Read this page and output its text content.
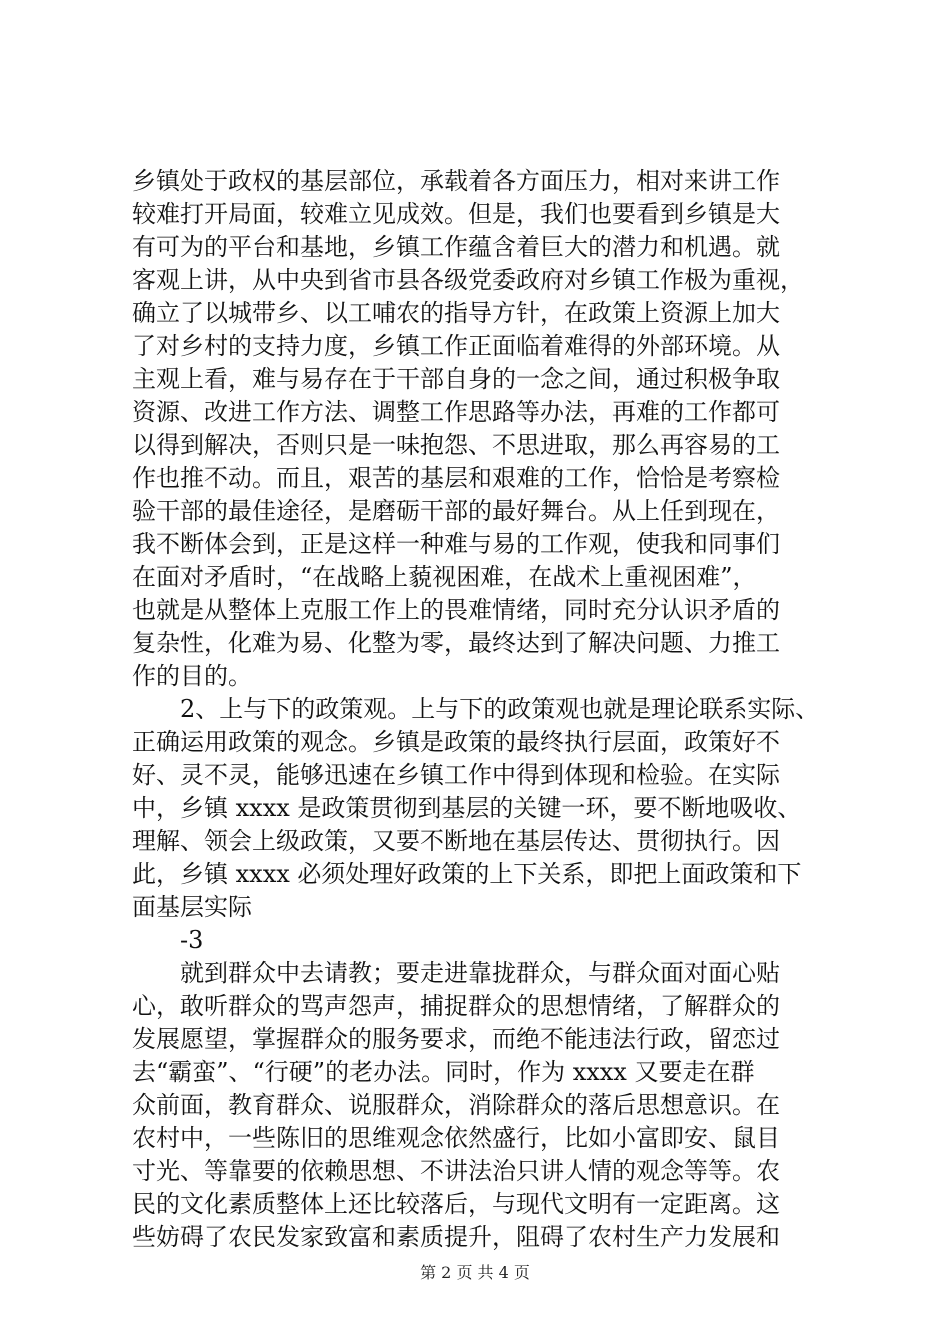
乡镇处于政权的基层部位，承载着各方面压力，相对来讲工作
较难打开局面，较难立见成效。但是，我们也要看到乡镇是大
有可为的平台和基地，乡镇工作蕴含着巨大的潜力和机遇。就
客观上讲，从中央到省市县各级党委政府对乡镇工作极为重视，
确立了以城带乡、以工哺农的指导方针，在政策上资源上加大
了对乡村的支持力度，乡镇工作正面临着难得的外部环境。从
主观上看，难与易存在于干部自身的一念之间，通过积极争取
资源、改进工作方法、调整工作思路等办法，再难的工作都可
以得到解决，否则只是一味抱怨、不思进取，那么再容易的工
作也推不动。而且，艰苦的基层和艰难的工作，恰恰是考察检
验干部的最佳途径，是磨砺干部的最好舞台。从上任到现在，
我不断体会到，正是这样一种难与易的工作观，使我和同事们
在面对矛盾时，“在战略上藐视困难，在战术上重视困难”，
也就是从整体上克服工作上的畏难情绪，同时充分认识矛盾的
复杂性，化难为易、化整为零，最终达到了解决问题、力推工
作的目的。
2、上与下的政策观。上与下的政策观也就是理论联系实际、
正确运用政策的观念。乡镇是政策的最终执行层面，政策好不
好、灵不灵，能够迅速在乡镇工作中得到体现和检验。在实际
中，乡镇 xxxx 是政策贯彻到基层的关键一环，要不断地吸收、
理解、领会上级政策，又要不断地在基层传达、贯彻执行。因
此，乡镇 xxxx 必须处理好政策的上下关系，即把上面政策和下
面基层实际
-3
就到群众中去请教；要走进靠拢群众，与群众面对面心贴
心，敢听群众的骂声怨声，捕捉群众的思想情绪，了解群众的
发展愿望，掌握群众的服务要求，而绝不能违法行政，留恋过
去“霸蛮”、“行硬”的老办法。同时，作为 xxxx 又要走在群
众前面，教育群众、说服群众，消除群众的落后思想意识。在
农村中，一些陈旧的思维观念依然盛行，比如小富即安、鼠目
寸光、等靠要的依赖思想、不讲法治只讲人情的观念等等。农
民的文化素质整体上还比较落后，与现代文明有一定距离。这
些妨碍了农民发家致富和素质提升，阻碍了农村生产力发展和
第 2 页 共 4 页
